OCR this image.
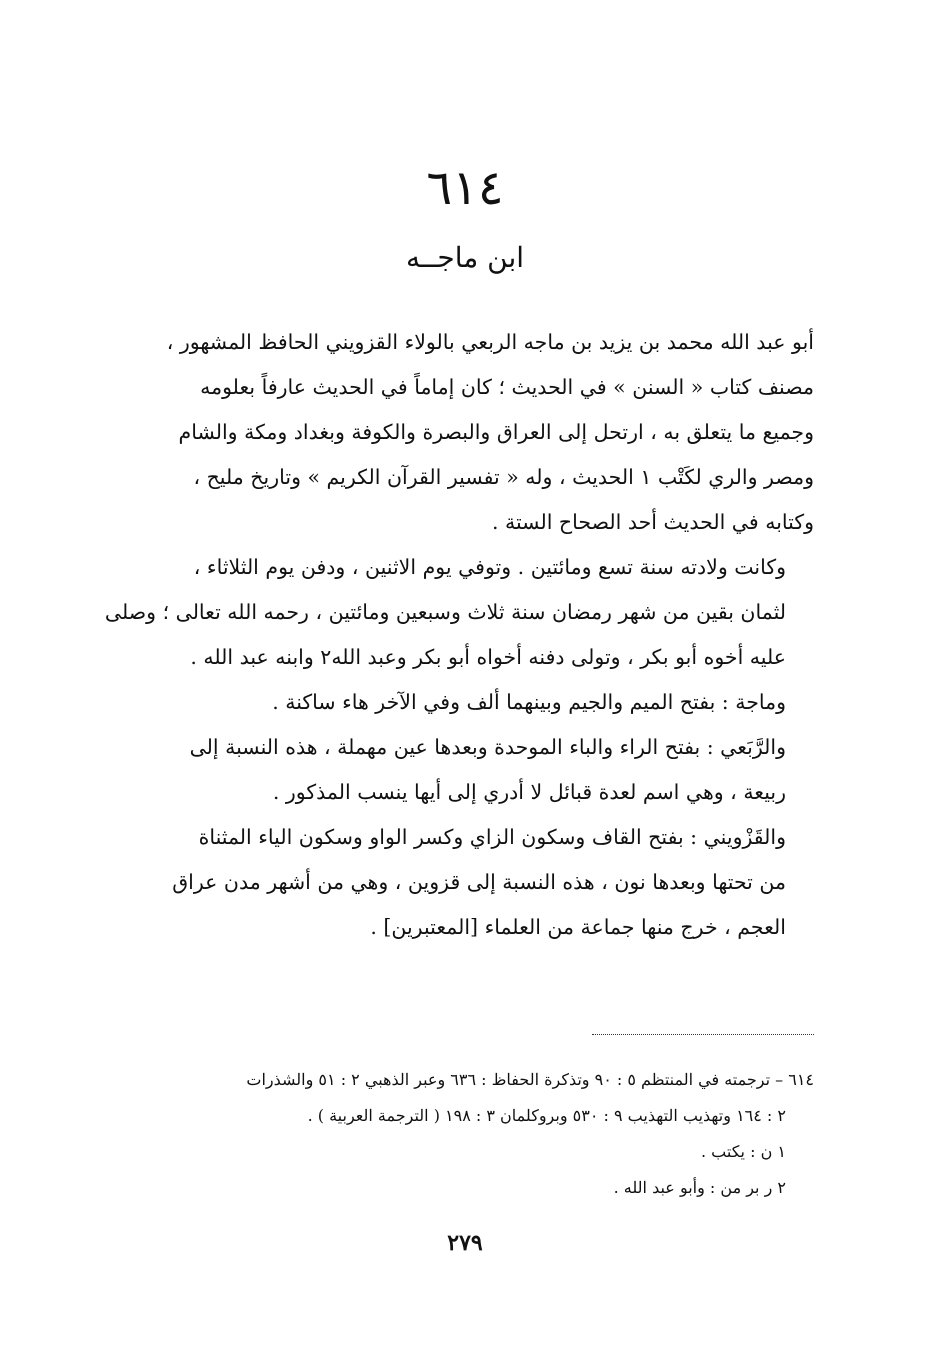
٦١٤
ابن ماجــه

أبو عبد الله محمد بن يزيد بن ماجه الربعي بالولاء القزويني الحافظ المشهور ،
مصنف كتاب « السنن » في الحديث ؛ كان إماماً في الحديث عارفاً بعلومه
وجميع ما يتعلق به ، ارتحل إلى العراق والبصرة والكوفة وبغداد ومكة والشام
ومصر والري لكَتْب ١ الحديث ، وله « تفسير القرآن الكريم » وتاريخ مليح ،
وكتابه في الحديث أحد الصحاح الستة .

وكانت ولادته سنة تسع ومائتين . وتوفي يوم الاثنين ، ودفن يوم الثلاثاء ،
لثمان بقين من شهر رمضان سنة ثلاث وسبعين ومائتين ، رحمه الله تعالى ؛ وصلى
عليه أخوه أبو بكر ، وتولى دفنه أخواه أبو بكر وعبد الله٢ وابنه عبد الله .

وماجة : بفتح الميم والجيم وبينهما ألف وفي الآخر هاء ساكنة .

والرَّبَعي : بفتح الراء والباء الموحدة وبعدها عين مهملة ، هذه النسبة إلى
ربيعة ، وهي اسم لعدة قبائل لا أدري إلى أيها ينسب المذكور .

والقَزْويني : بفتح القاف وسكون الزاي وكسر الواو وسكون الياء المثناة
من تحتها وبعدها نون ، هذه النسبة إلى قزوين ، وهي من أشهر مدن عراق
العجم ، خرج منها جماعة من العلماء [المعتبرين] .

٦١٤ – ترجمته في المنتظم ٥ : ٩٠ وتذكرة الحفاظ : ٦٣٦ وعبر الذهبي ٢ : ٥١ والشذرات
٢ : ١٦٤ وتهذيب التهذيب ٩ : ٥٣٠ وبروكلمان ٣ : ١٩٨ ( الترجمة العربية ) .
١ ن : يكتب .
٢ ر بر من : وأبو عبد الله .
٢٧٩
